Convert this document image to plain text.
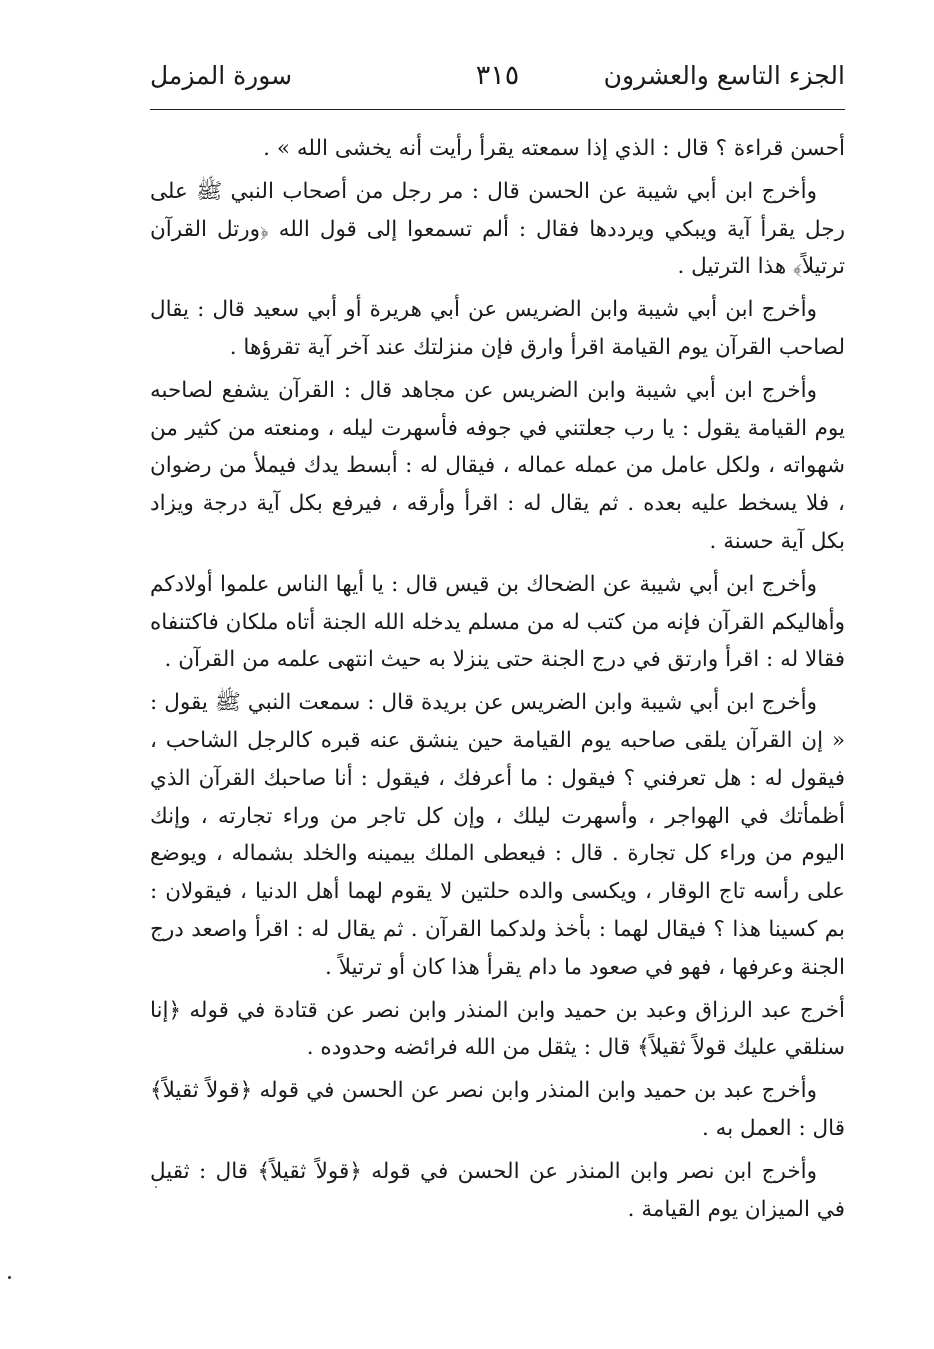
الجزء التاسع والعشرون
٣١٥
سورة المزمل

أحسن قراءة ؟ قال : الذي إذا سمعته يقرأ رأيت أنه يخشى الله » .

وأخرج ابن أبي شيبة عن الحسن قال : مر رجل من أصحاب النبي ﷺ على رجل يقرأ آية ويبكي ويرددها فقال : ألم تسمعوا إلى قول الله ﴿ورتل القرآن ترتيلاً﴾ هذا الترتيل .

وأخرج ابن أبي شيبة وابن الضريس عن أبي هريرة أو أبي سعيد قال : يقال لصاحب القرآن يوم القيامة اقرأ وارق فإن منزلتك عند آخر آية تقرؤها .

وأخرج ابن أبي شيبة وابن الضريس عن مجاهد قال : القرآن يشفع لصاحبه يوم القيامة يقول : يا رب جعلتني في جوفه فأسهرت ليله ، ومنعته من كثير من شهواته ، ولكل عامل من عمله عماله ، فيقال له : أبسط يدك فيملأ من رضوان ، فلا يسخط عليه بعده . ثم يقال له : اقرأ وأرقه ، فيرفع بكل آية درجة ويزاد بكل آية حسنة .

وأخرج ابن أبي شيبة عن الضحاك بن قيس قال : يا أيها الناس علموا أولادكم وأهاليكم القرآن فإنه من كتب له من مسلم يدخله الله الجنة أتاه ملكان فاكتنفاه فقالا له : اقرأ وارتق في درج الجنة حتى ينزلا به حيث انتهى علمه من القرآن .

وأخرج ابن أبي شيبة وابن الضريس عن بريدة قال : سمعت النبي ﷺ يقول : « إن القرآن يلقى صاحبه يوم القيامة حين ينشق عنه قبره كالرجل الشاحب ، فيقول له : هل تعرفني ؟ فيقول : ما أعرفك ، فيقول : أنا صاحبك القرآن الذي أظمأتك في الهواجر ، وأسهرت ليلك ، وإن كل تاجر من وراء تجارته ، وإنك اليوم من وراء كل تجارة . قال : فيعطى الملك بيمينه والخلد بشماله ، ويوضع على رأسه تاج الوقار ، ويكسى والده حلتين لا يقوم لهما أهل الدنيا ، فيقولان : بم كسينا هذا ؟ فيقال لهما : بأخذ ولدكما القرآن . ثم يقال له : اقرأ واصعد درج الجنة وعرفها ، فهو في صعود ما دام يقرأ هذا كان أو ترتيلاً .

أخرج عبد الرزاق وعبد بن حميد وابن المنذر وابن نصر عن قتادة في قوله ﴿إنا سنلقي عليك قولاً ثقيلاً﴾ قال : يثقل من الله فرائضه وحدوده .

وأخرج عبد بن حميد وابن المنذر وابن نصر عن الحسن في قوله ﴿قولاً ثقيلاً﴾ قال : العمل به .

وأخرج ابن نصر وابن المنذر عن الحسن في قوله ﴿قولاً ثقيلاً﴾ قال : ثقيل في الميزان يوم القيامة .
